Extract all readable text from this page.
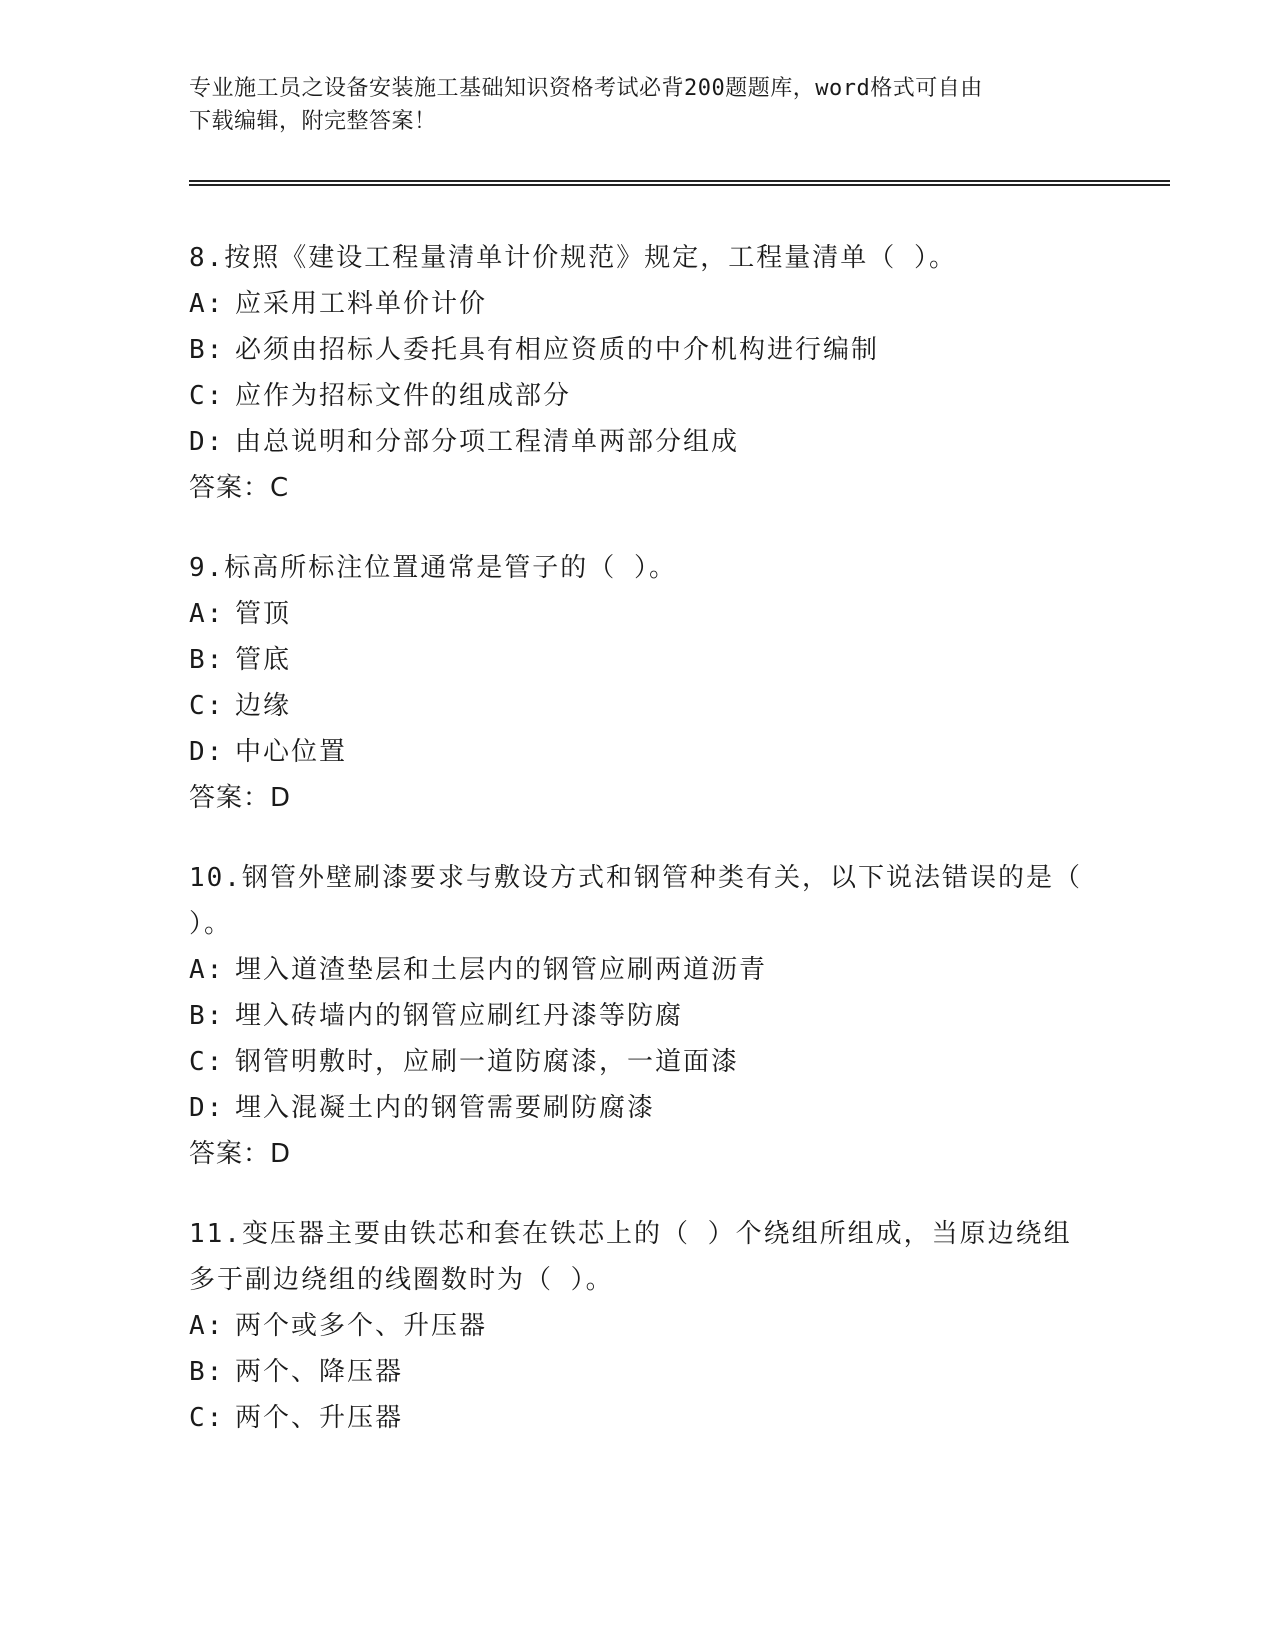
专业施工员之设备安装施工基础知识资格考试必背200题题库，word格式可自由
下载编辑，附完整答案！
8.按照《建设工程量清单计价规范》规定，工程量清单（ ）。
A: 应采用工料单价计价
B: 必须由招标人委托具有相应资质的中介机构进行编制
C: 应作为招标文件的组成部分
D: 由总说明和分部分项工程清单两部分组成
答案：C
9.标高所标注位置通常是管子的（ ）。
A: 管顶
B: 管底
C: 边缘
D: 中心位置
答案：D
10.钢管外壁刷漆要求与敷设方式和钢管种类有关，以下说法错误的是（ ）。
A: 埋入道渣垫层和土层内的钢管应刷两道沥青
B: 埋入砖墙内的钢管应刷红丹漆等防腐
C: 钢管明敷时，应刷一道防腐漆，一道面漆
D: 埋入混凝土内的钢管需要刷防腐漆
答案：D
11.变压器主要由铁芯和套在铁芯上的（ ）个绕组所组成，当原边绕组多于副边绕组的线圈数时为（ ）。
A: 两个或多个、升压器
B: 两个、降压器
C: 两个、升压器
